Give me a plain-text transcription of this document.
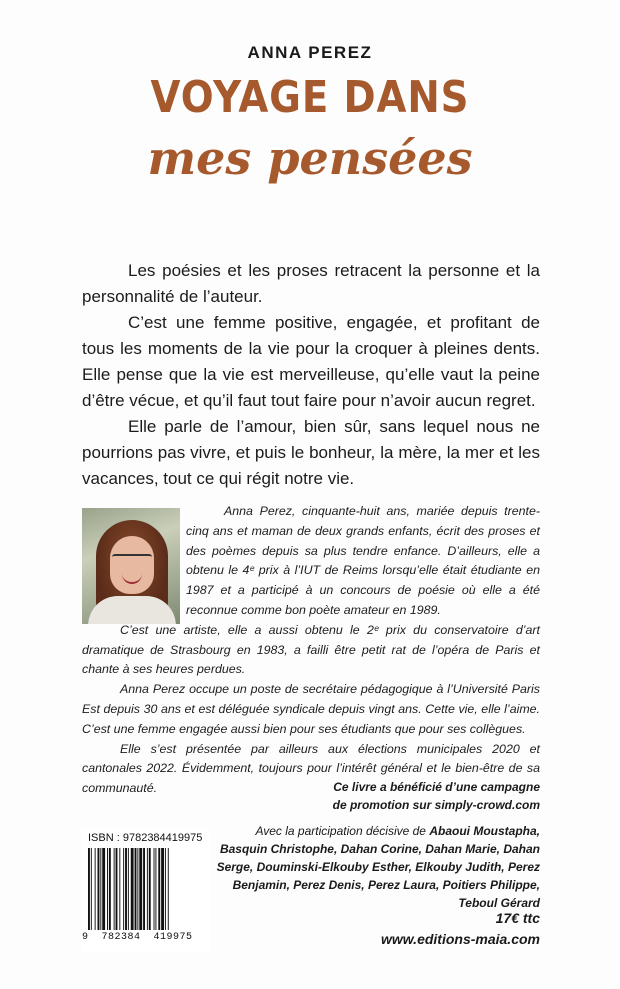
ANNA PEREZ
VOYAGE DANS
mes pensées

Les poésies et les proses retracent la personne et la personnalité de l’auteur.

C’est une femme positive, engagée, et profitant de tous les moments de la vie pour la croquer à pleines dents. Elle pense que la vie est merveilleuse, qu’elle vaut la peine d’être vécue, et qu’il faut tout faire pour n’avoir aucun regret.

Elle parle de l’amour, bien sûr, sans lequel nous ne pourrions pas vivre, et puis le bonheur, la mère, la mer et les vacances, tout ce qui régit notre vie.

Anna Perez, cinquante-huit ans, mariée depuis trente-cinq ans et maman de deux grands enfants, écrit des proses et des poèmes depuis sa plus tendre enfance. D’ailleurs, elle a obtenu le 4ᵉ prix à l’IUT de Reims lorsqu’elle était étudiante en 1987 et a participé à un concours de poésie où elle a été reconnue comme bon poète amateur en 1989.

C’est une artiste, elle a aussi obtenu le 2ᵉ prix du conservatoire d’art dramatique de Strasbourg en 1983, a failli être petit rat de l’opéra de Paris et chante à ses heures perdues.

Anna Perez occupe un poste de secrétaire pédagogique à l’Université Paris Est depuis 30 ans et est déléguée syndicale depuis vingt ans. Cette vie, elle l’aime. C’est une femme engagée aussi bien pour ses étudiants que pour ses collègues.

Elle s’est présentée par ailleurs aux élections municipales 2020 et cantonales 2022. Évidemment, toujours pour l’intérêt général et le bien-être de sa communauté.	Ce livre a bénéficié d’une campagne
de promotion sur simply-crowd.com
Avec la participation décisive de Abaoui Moustapha, Basquin Christophe, Dahan Corine, Dahan Marie, Dahan Serge, Douminski-Elkouby Esther, Elkouby Judith, Perez Benjamin, Perez Denis, Perez Laura, Poitiers Philippe, Teboul Gérard
ISBN : 9782384419975
9  782384  419975
17€ ttc
www.editions-maia.com
